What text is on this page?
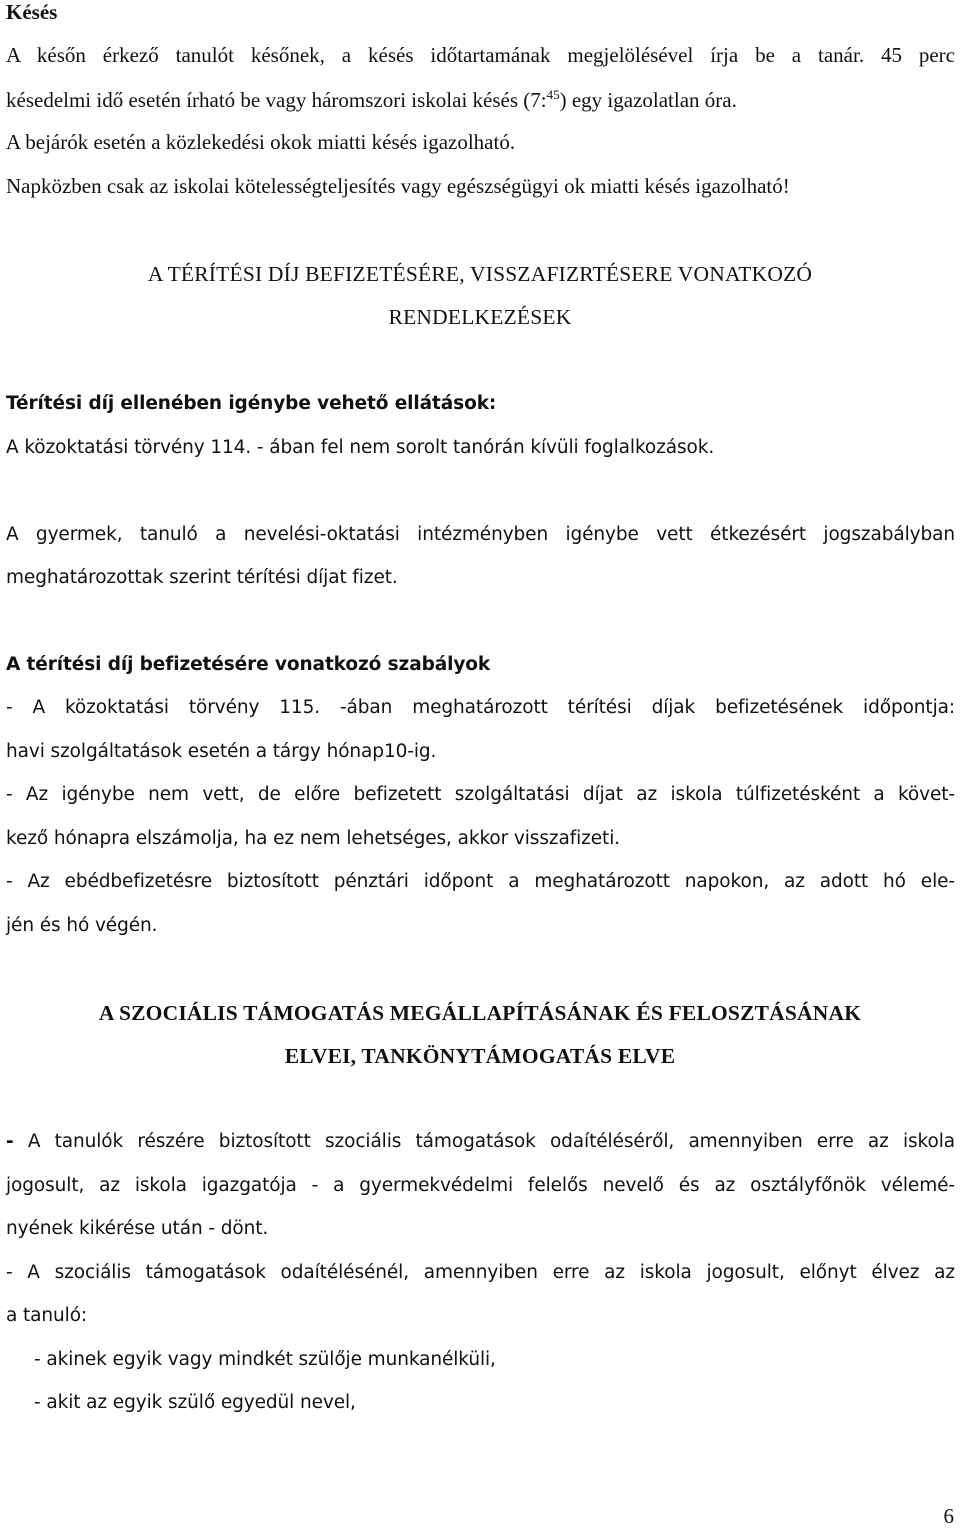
Késés
A későn érkező tanulót későnek, a késés időtartamának megjelölésével írja be a tanár. 45 perc
késedelmi idő esetén írható be vagy háromszori iskolai késés (7:$^{45}$) egy igazolatlan óra.
A bejárók esetén a közlekedési okok miatti késés igazolható.
Napközben csak az iskolai kötelességteljesítés vagy egészségügyi ok miatti késés igazolható!
A TÉRÍTÉSI DÍJ BEFIZETÉSÉRE, VISSZAFIZRTÉSERE VONATKOZÓ
RENDELKEZÉSEK
Térítési díj ellenében igénybe vehető ellátások:
A közoktatási törvény 114. - ában fel nem sorolt tanórán kívüli foglalkozások.
A gyermek, tanuló a nevelési-oktatási intézményben igénybe vett étkezésért jogszabályban
meghatározottak szerint térítési díjat fizet.
A térítési díj befizetésére vonatkozó szabályok
- A közoktatási törvény 115. -ában meghatározott térítési díjak befizetésének időpontja:
havi szolgáltatások esetén a tárgy hónap10-ig.
- Az igénybe nem vett, de előre befizetett szolgáltatási díjat az iskola túlfizetésként a követ-
kező hónapra elszámolja, ha ez nem lehetséges, akkor visszafizeti.
- Az ebédbefizetésre biztosított pénztári időpont a meghatározott napokon, az adott hó ele-
jén és hó végén.
A SZOCIÁLIS TÁMOGATÁS MEGÁLLAPÍTÁSÁNAK ÉS FELOSZTÁSÁNAK
ELVEI, TANKÖNYTÁMOGATÁS ELVE
- A tanulók részére biztosított szociális támogatások odaítéléséről, amennyiben erre az iskola
jogosult, az iskola igazgatója - a gyermekvédelmi felelős nevelő és az osztályfőnök vélemé-
nyének kikérése után - dönt.
- A szociális támogatások odaítélésénél, amennyiben erre az iskola jogosult, előnyt élvez az
a tanuló:
- akinek egyik vagy mindkét szülője munkanélküli,
- akit az egyik szülő egyedül nevel,
6
